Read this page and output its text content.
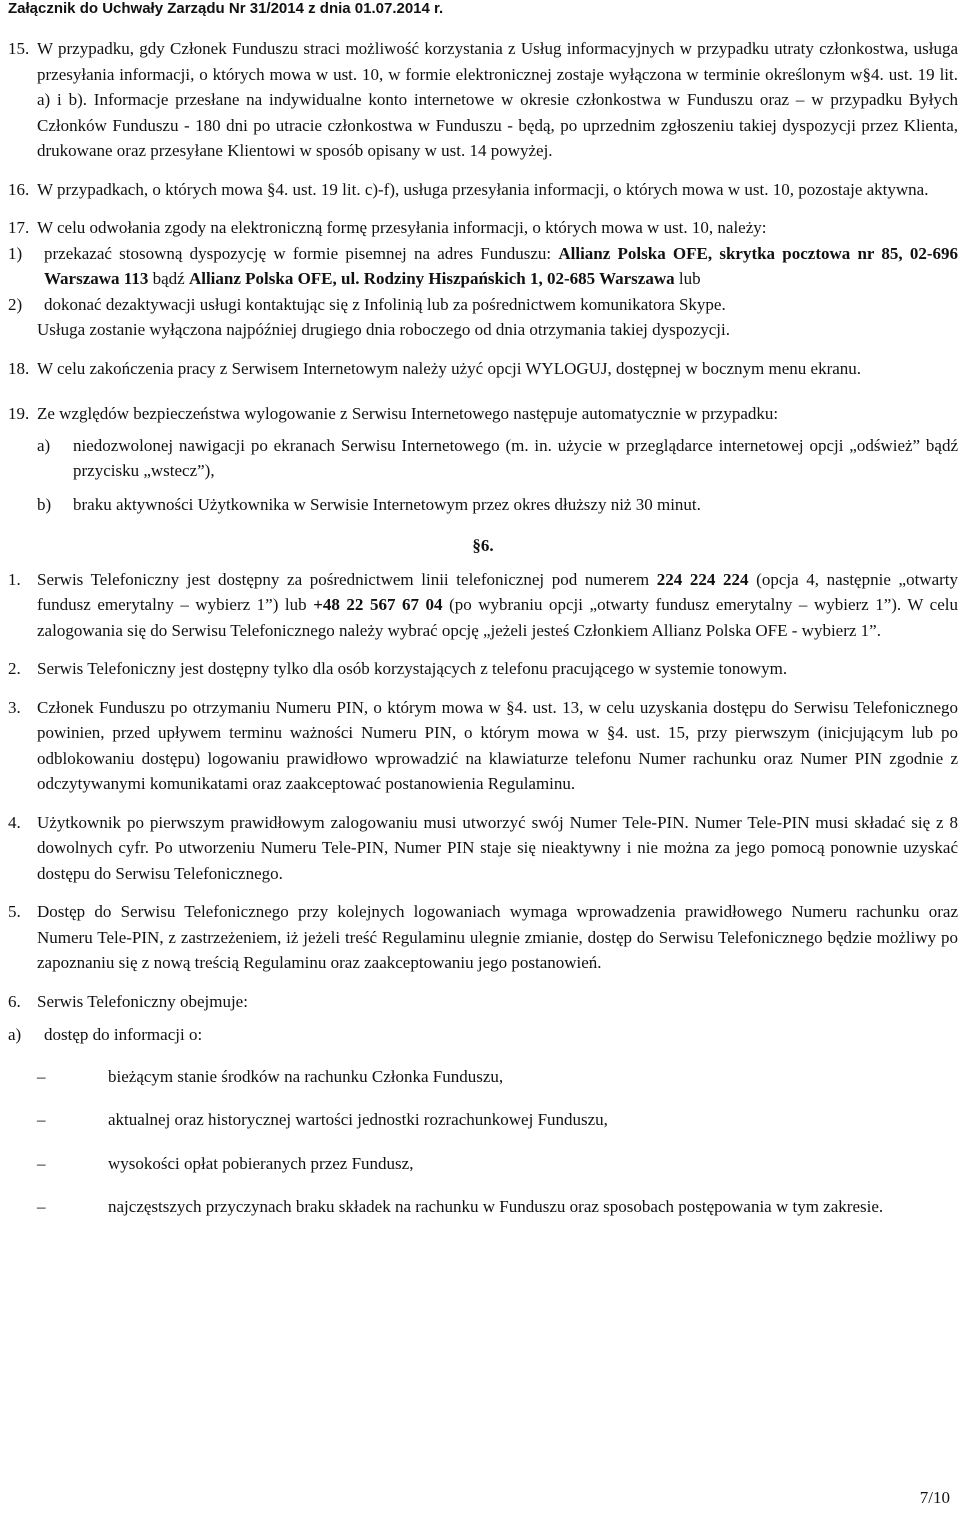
Załącznik do Uchwały Zarządu Nr 31/2014 z dnia 01.07.2014 r.
15. W przypadku, gdy Członek Funduszu straci możliwość korzystania z Usług informacyjnych w przypadku utraty członkostwa, usługa przesyłania informacji, o których mowa w ust. 10, w formie elektronicznej zostaje wyłączona w terminie określonym w§4. ust. 19 lit. a) i b). Informacje przesłane na indywidualne konto internetowe w okresie członkostwa w Funduszu oraz – w przypadku Byłych Członków Funduszu - 180 dni po utracie członkostwa w Funduszu - będą, po uprzednim zgłoszeniu takiej dyspozycji przez Klienta, drukowane oraz przesyłane Klientowi w sposób opisany w ust. 14 powyżej.
16. W przypadkach, o których mowa §4. ust. 19 lit. c)-f), usługa przesyłania informacji, o których mowa w ust. 10, pozostaje aktywna.
17. W celu odwołania zgody na elektroniczną formę przesyłania informacji, o których mowa w ust. 10, należy:
1)	przekazać stosowną dyspozycję w formie pisemnej na adres Funduszu: Allianz Polska OFE, skrytka pocztowa nr 85, 02-696 Warszawa 113 bądź Allianz Polska OFE, ul. Rodziny Hiszpańskich 1, 02-685 Warszawa lub
2)	dokonać dezaktywacji usługi kontaktując się z Infolinią lub za pośrednictwem komunikatora Skype.
Usługa zostanie wyłączona najpóźniej drugiego dnia roboczego od dnia otrzymania takiej dyspozycji.
18. W celu zakończenia pracy z Serwisem Internetowym należy użyć opcji WYLOGUJ, dostępnej w bocznym menu ekranu.
19. Ze względów bezpieczeństwa wylogowanie z Serwisu Internetowego następuje automatycznie w przypadku:
a)	niedozwolonej nawigacji po ekranach Serwisu Internetowego (m. in. użycie w przeglądarce internetowej opcji „odśwież” bądź przycisku „wstecz”),
b)	braku aktywności Użytkownika w Serwisie Internetowym przez okres dłuższy niż 30 minut.
§6.
1. Serwis Telefoniczny jest dostępny za pośrednictwem linii telefonicznej pod numerem 224 224 224 (opcja 4, następnie „otwarty fundusz emerytalny – wybierz 1”) lub +48 22 567 67 04 (po wybraniu opcji „otwarty fundusz emerytalny – wybierz 1”). W celu zalogowania się do Serwisu Telefonicznego należy wybrać opcję „jeżeli jesteś Członkiem Allianz Polska OFE - wybierz 1”.
2. Serwis Telefoniczny jest dostępny tylko dla osób korzystających z telefonu pracującego w systemie tonowym.
3. Członek Funduszu po otrzymaniu Numeru PIN, o którym mowa w §4. ust. 13, w celu uzyskania dostępu do Serwisu Telefonicznego powinien, przed upływem terminu ważności Numeru PIN, o którym mowa w §4. ust. 15, przy pierwszym (inicjującym lub po odblokowaniu dostępu) logowaniu prawidłowo wprowadzić na klawiaturze telefonu Numer rachunku oraz Numer PIN zgodnie z odczytywanymi komunikatami oraz zaakceptować postanowienia Regulaminu.
4. Użytkownik po pierwszym prawidłowym zalogowaniu musi utworzyć swój Numer Tele-PIN. Numer Tele-PIN musi składać się z 8 dowolnych cyfr. Po utworzeniu Numeru Tele-PIN, Numer PIN staje się nieaktywny i nie można za jego pomocą ponownie uzyskać dostępu do Serwisu Telefonicznego.
5. Dostęp do Serwisu Telefonicznego przy kolejnych logowaniach wymaga wprowadzenia prawidłowego Numeru rachunku oraz Numeru Tele-PIN, z zastrzeżeniem, iż jeżeli treść Regulaminu ulegnie zmianie, dostęp do Serwisu Telefonicznego będzie możliwy po zapoznaniu się z nową treścią Regulaminu oraz zaakceptowaniu jego postanowień.
6. Serwis Telefoniczny obejmuje:
a)	dostęp do informacji o:
–	bieżącym stanie środków na rachunku Członka Funduszu,
–	aktualnej oraz historycznej wartości jednostki rozrachunkowej Funduszu,
–	wysokości opłat pobieranych przez Fundusz,
–	najczęstszych przyczynach braku składek na rachunku w Funduszu oraz sposobach postępowania w tym zakresie.
7/10
